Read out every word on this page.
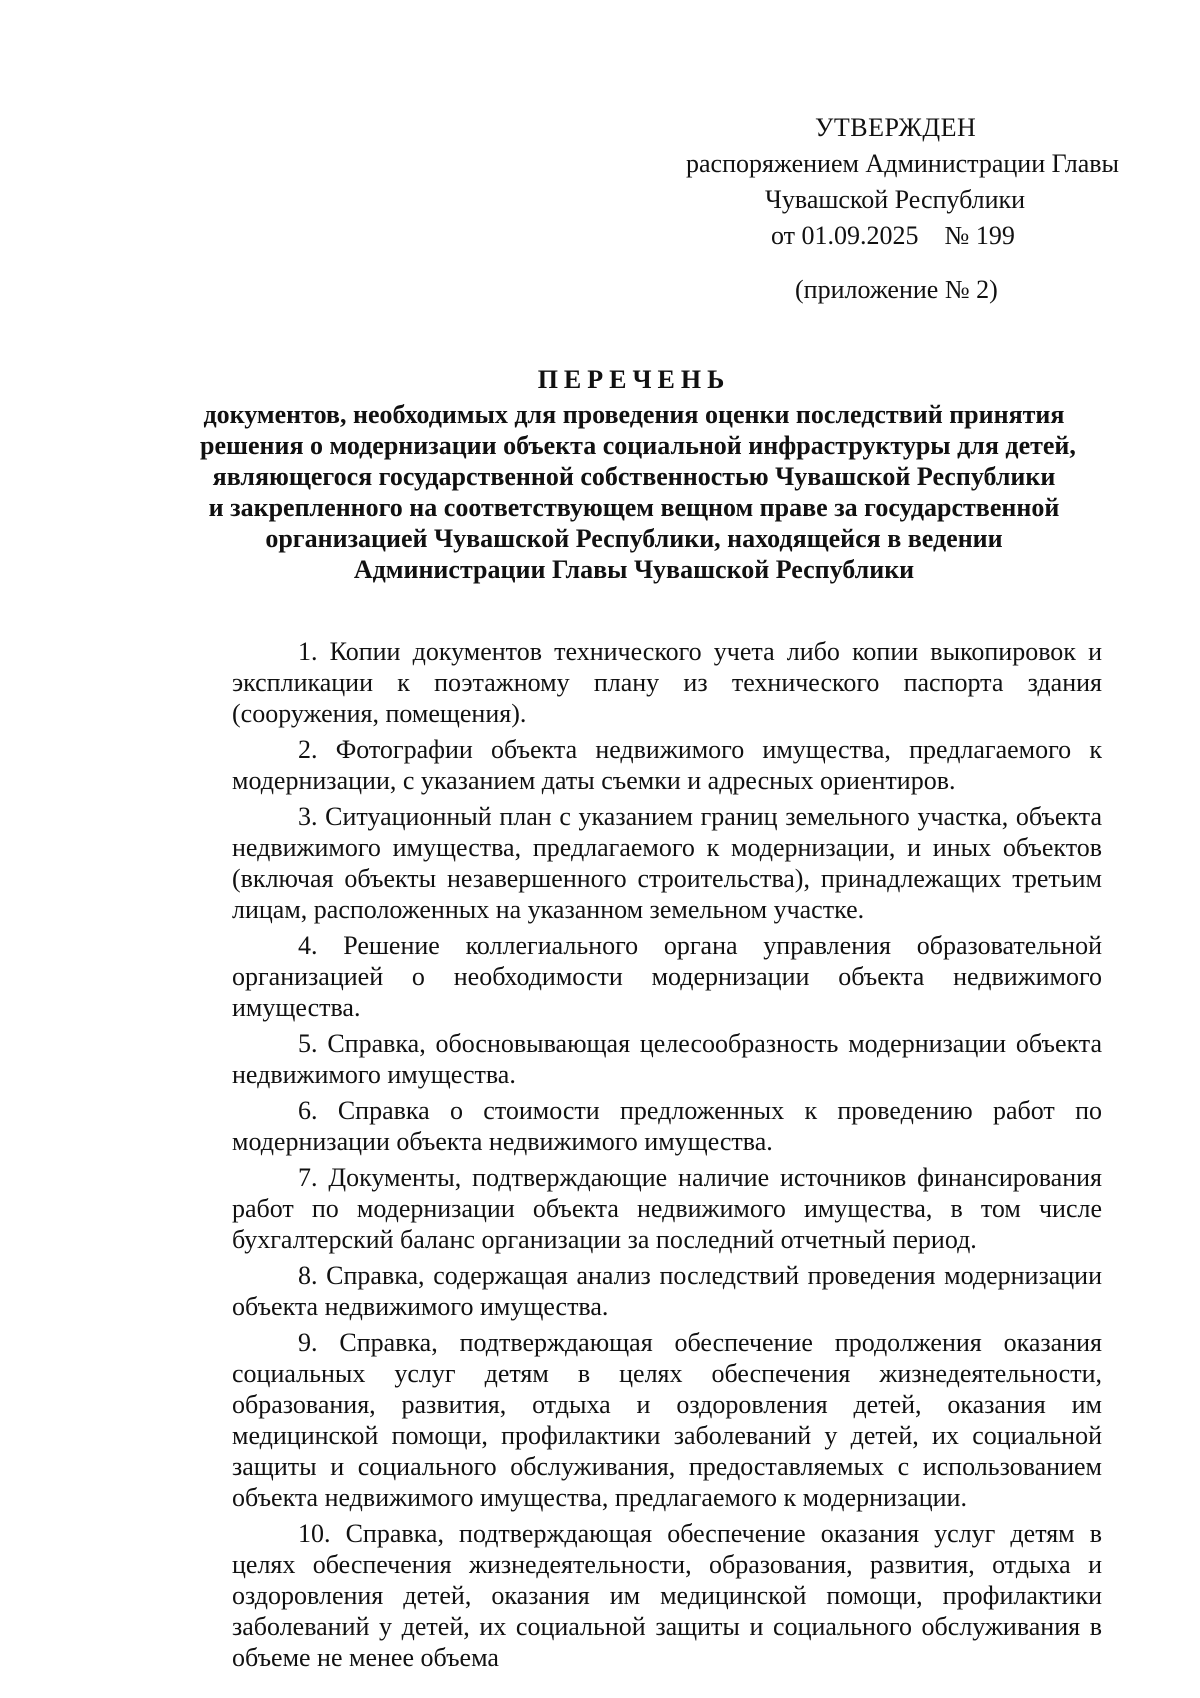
УТВЕРЖДЕН
распоряжением Администрации Главы
Чувашской Республики
от 01.09.2025 № 199
(приложение № 2)
ПЕРЕЧЕНЬ
документов, необходимых для проведения оценки последствий принятия
решения о модернизации объекта социальной инфраструктуры для детей,
являющегося государственной собственностью Чувашской Республики
и закрепленного на соответствующем вещном праве за государственной
организацией Чувашской Республики, находящейся в ведении
Администрации Главы Чувашской Республики

1. Копии документов технического учета либо копии выкопировок и экспликации к поэтажному плану из технического паспорта здания (сооружения, помещения).

2. Фотографии объекта недвижимого имущества, предлагаемого к модернизации, с указанием даты съемки и адресных ориентиров.

3. Ситуационный план с указанием границ земельного участка, объекта недвижимого имущества, предлагаемого к модернизации, и иных объектов (включая объекты незавершенного строительства), принадлежащих третьим лицам, расположенных на указанном земельном участке.

4. Решение коллегиального органа управления образовательной организацией о необходимости модернизации объекта недвижимого имущества.

5. Справка, обосновывающая целесообразность модернизации объекта недвижимого имущества.

6. Справка о стоимости предложенных к проведению работ по модернизации объекта недвижимого имущества.

7. Документы, подтверждающие наличие источников финансирования работ по модернизации объекта недвижимого имущества, в том числе бухгалтерский баланс организации за последний отчетный период.

8. Справка, содержащая анализ последствий проведения модернизации объекта недвижимого имущества.

9. Справка, подтверждающая обеспечение продолжения оказания социальных услуг детям в целях обеспечения жизнедеятельности, образования, развития, отдыха и оздоровления детей, оказания им медицинской помощи, профилактики заболеваний у детей, их социальной защиты и социального обслуживания, предоставляемых с использованием объекта недвижимого имущества, предлагаемого к модернизации.

10. Справка, подтверждающая обеспечение оказания услуг детям в целях обеспечения жизнедеятельности, образования, развития, отдыха и оздоровления детей, оказания им медицинской помощи, профилактики заболеваний у детей, их социальной защиты и социального обслуживания в объеме не менее объема
